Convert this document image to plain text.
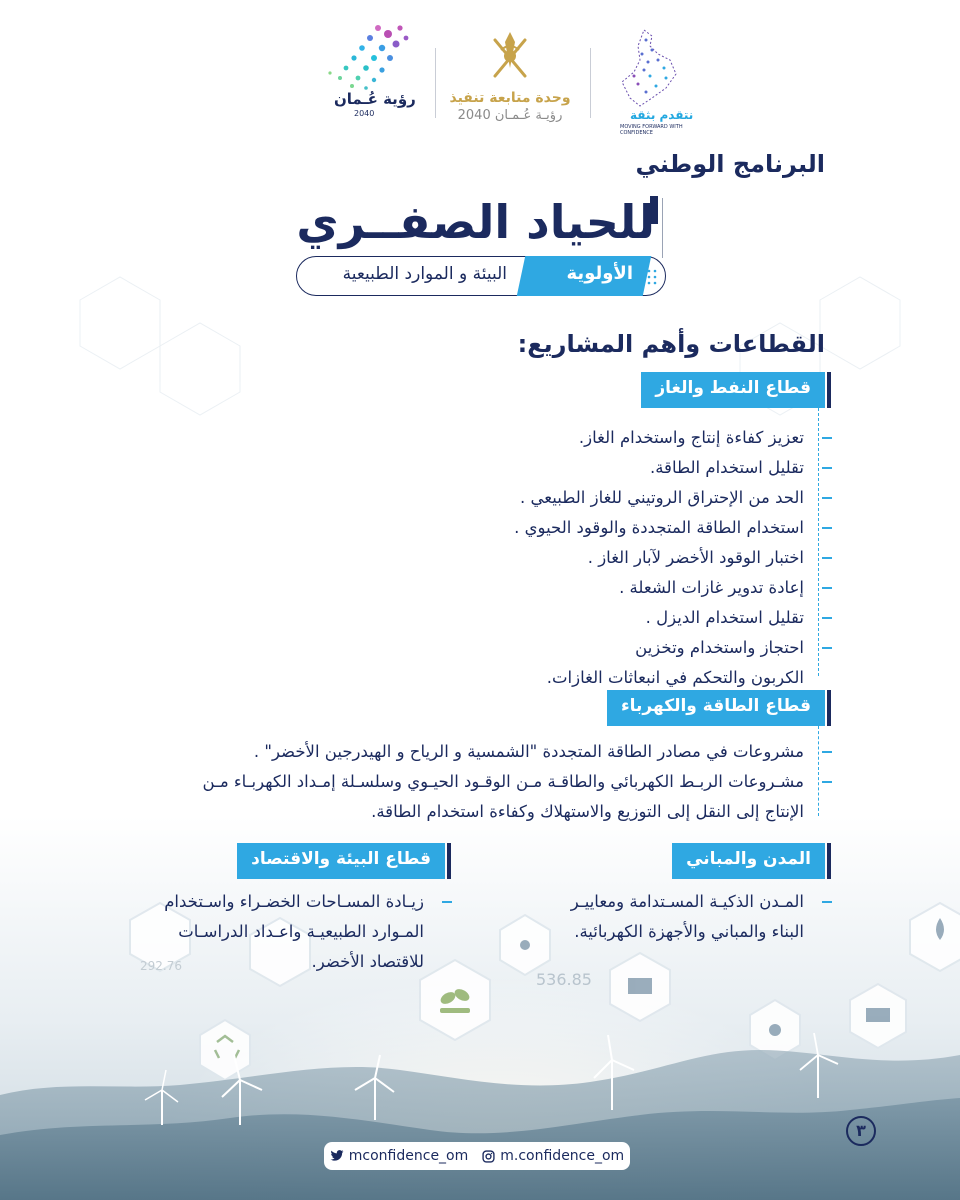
536.85
292.76
رؤية عُـمان
2040
وحدة متابعة تنفيذ
رؤيـة عُـمـان 2040	نتقدم بثقة
MOVING FORWARD WITH CONFIDENCE
البرنامج الوطني
للحياد الصفــري
الأولوية
البيئة و الموارد الطبيعية
القطاعات وأهم المشاريع:
قطاع النفط والغاز
تعزيز كفاءة إنتاج واستخدام الغاز.
تقليل استخدام الطاقة.
الحد من الإحتراق الروتيني للغاز الطبيعي .
استخدام الطاقة المتجددة والوقود الحيوي .
اختبار الوقود الأخضر لآبار الغاز .
إعادة تدوير غازات الشعلة .
تقليل استخدام الديزل .
احتجاز واستخدام وتخزين
الكربون والتحكم في انبعاثات الغازات.
قطاع الطاقة والكهرباء
مشروعات في مصادر الطاقة المتجددة "الشمسية و الرياح و الهيدرجين الأخضر" .
مشـروعات الربـط الكهربائي والطاقـة مـن الوقـود الحيـوي وسلسـلة إمـداد الكهربـاء مـن
الإنتاج إلى النقل إلى التوزيع والاستهلاك وكفاءة استخدام الطاقة.
المدن والمباني
المـدن الذكيـة المسـتدامة ومعاييـر
البناء والمباني والأجهزة الكهربائية.
قطاع البيئة والاقتصاد
زيـادة المسـاحات الخضـراء واسـتخدام
المـوارد الطبيعيـة واعـداد الدراسـات
للاقتصاد الأخضر.
٣
mconfidence_om m.confidence_om
